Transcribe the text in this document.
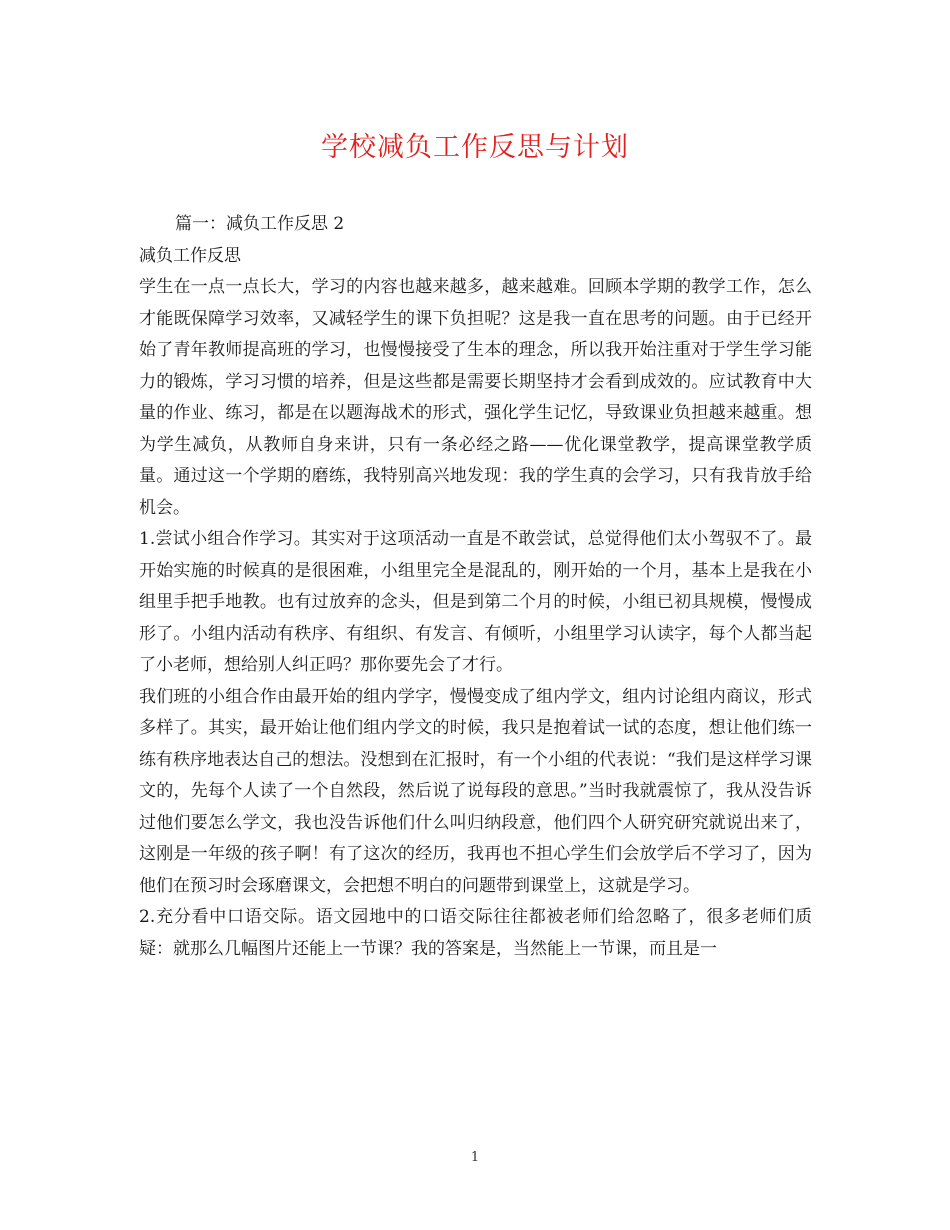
学校减负工作反思与计划

篇一：减负工作反思 2

减负工作反思

学生在一点一点长大，学习的内容也越来越多，越来越难。回顾本学期的教学工作，怎么才能既保障学习效率，又减轻学生的课下负担呢？这是我一直在思考的问题。由于已经开始了青年教师提高班的学习，也慢慢接受了生本的理念，所以我开始注重对于学生学习能力的锻炼，学习习惯的培养，但是这些都是需要长期坚持才会看到成效的。应试教育中大量的作业、练习，都是在以题海战术的形式，强化学生记忆，导致课业负担越来越重。想为学生减负，从教师自身来讲，只有一条必经之路——优化课堂教学，提高课堂教学质量。通过这一个学期的磨练，我特别高兴地发现：我的学生真的会学习，只有我肯放手给机会。

1.尝试小组合作学习。其实对于这项活动一直是不敢尝试，总觉得他们太小驾驭不了。最开始实施的时候真的是很困难，小组里完全是混乱的，刚开始的一个月，基本上是我在小组里手把手地教。也有过放弃的念头，但是到第二个月的时候，小组已初具规模，慢慢成形了。小组内活动有秩序、有组织、有发言、有倾听，小组里学习认读字，每个人都当起了小老师，想给别人纠正吗？那你要先会了才行。

我们班的小组合作由最开始的组内学字，慢慢变成了组内学文，组内讨论组内商议，形式多样了。其实，最开始让他们组内学文的时候，我只是抱着试一试的态度，想让他们练一练有秩序地表达自己的想法。没想到在汇报时，有一个小组的代表说：“我们是这样学习课文的，先每个人读了一个自然段，然后说了说每段的意思。”当时我就震惊了，我从没告诉过他们要怎么学文，我也没告诉他们什么叫归纳段意，他们四个人研究研究就说出来了，这刚是一年级的孩子啊！有了这次的经历，我再也不担心学生们会放学后不学习了，因为他们在预习时会琢磨课文，会把想不明白的问题带到课堂上，这就是学习。

2.充分看中口语交际。语文园地中的口语交际往往都被老师们给忽略了，很多老师们质疑：就那么几幅图片还能上一节课？我的答案是，当然能上一节课，而且是一

1
